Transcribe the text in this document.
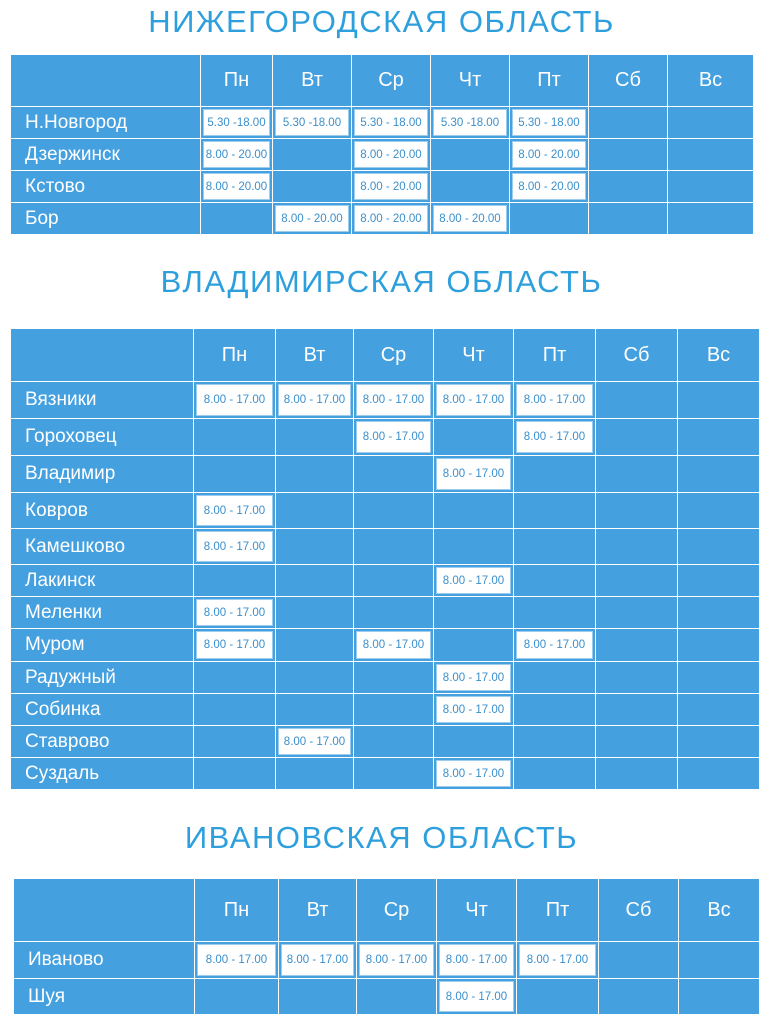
НИЖЕГОРОДСКАЯ ОБЛАСТЬ
	Пн	Вт	Ср	Чт	Пт	Сб	Вс
Н.Новгород	5.30 -18.00	5.30 -18.00	5.30 - 18.00	5.30 -18.00	5.30 - 18.00		

Дзержинск	8.00 - 20.00		8.00 - 20.00		8.00 - 20.00		

Кстово	8.00 - 20.00		8.00 - 20.00		8.00 - 20.00		

Бор		8.00 - 20.00	8.00 - 20.00	8.00 - 20.00			

ВЛАДИМИРСКАЯ ОБЛАСТЬ
	Пн	Вт	Ср	Чт	Пт	Сб	Вс
Вязники	8.00 - 17.00	8.00 - 17.00	8.00 - 17.00	8.00 - 17.00	8.00 - 17.00		

Гороховец			8.00 - 17.00		8.00 - 17.00		

Владимир				8.00 - 17.00			

Ковров	8.00 - 17.00						

Камешково	8.00 - 17.00						

Лакинск				8.00 - 17.00			

Меленки	8.00 - 17.00						

Муром	8.00 - 17.00		8.00 - 17.00		8.00 - 17.00		

Радужный				8.00 - 17.00			

Собинка				8.00 - 17.00			

Ставрово		8.00 - 17.00					

Суздаль				8.00 - 17.00			

ИВАНОВСКАЯ ОБЛАСТЬ
	Пн	Вт	Ср	Чт	Пт	Сб	Вс
Иваново	8.00 - 17.00	8.00 - 17.00	8.00 - 17.00	8.00 - 17.00	8.00 - 17.00		

Шуя				8.00 - 17.00			
